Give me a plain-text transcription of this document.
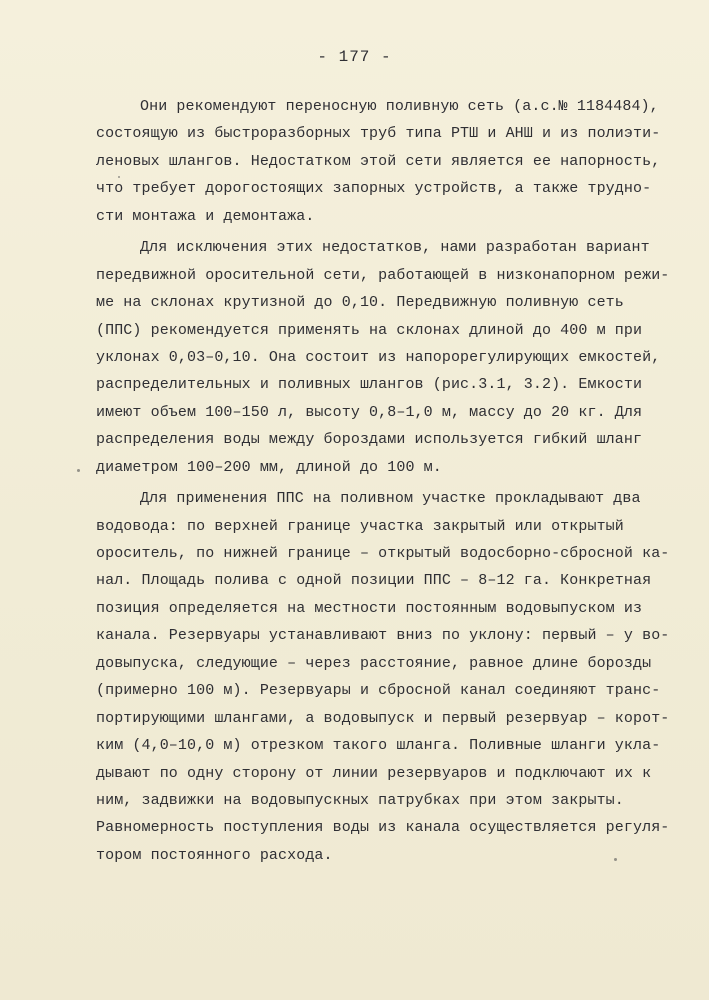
- 177 -
Они рекомендуют переносную поливную сеть (а.с.№ 1184484),
состоящую из быстроразборных труб типа РТШ и АНШ и из полиэти-
леновых шлангов. Недостатком этой сети является ее напорность,
что требует дорогостоящих запорных устройств, а также трудно-
сти монтажа и демонтажа.
Для исключения этих недостатков, нами разработан вариант
передвижной оросительной сети, работающей в низконапорном режи-
ме на склонах крутизной до 0,10. Передвижную поливную сеть
(ППС) рекомендуется применять на склонах длиной до 400 м при
уклонах 0,03–0,10. Она состоит из напорорегулирующих емкостей,
распределительных и поливных шлангов (рис.3.1, 3.2). Емкости
имеют объем 100–150 л, высоту 0,8–1,0 м, массу до 20 кг. Для
распределения воды между бороздами используется гибкий шланг
диаметром 100–200 мм, длиной до 100 м.
Для применения ППС на поливном участке прокладывают два
водовода: по верхней границе участка закрытый или открытый
ороситель, по нижней границе – открытый водосборно-сбросной ка-
нал. Площадь полива с одной позиции ППС – 8–12 га. Конкретная
позиция определяется на местности постоянным водовыпуском из
канала. Резервуары устанавливают вниз по уклону: первый – у во-
довыпуска, следующие – через расстояние, равное длине борозды
(примерно 100 м). Резервуары и сбросной канал соединяют транс-
портирующими шлангами, а водовыпуск и первый резервуар – корот-
ким (4,0–10,0 м) отрезком такого шланга. Поливные шланги укла-
дывают по одну сторону от линии резервуаров и подключают их к
ним, задвижки на водовыпускных патрубках при этом закрыты.
Равномерность поступления воды из канала осуществляется регуля-
тором постоянного расхода.
